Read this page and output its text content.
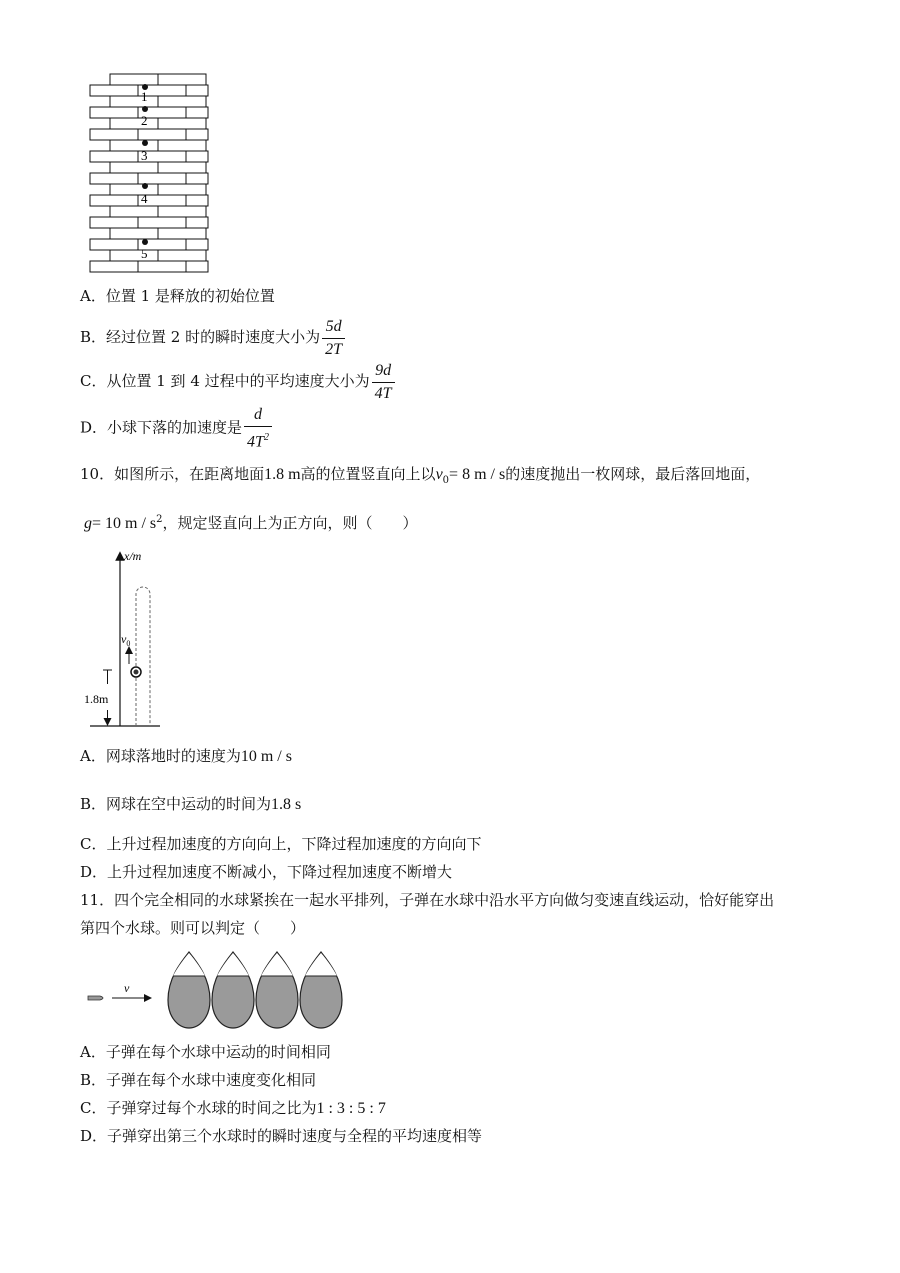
1
2
3
4
5
A．位置 1 是释放的初始位置
B．经过位置 2 时的瞬时速度大小为 $\frac{5d}{2T}$
C．从位置 1 到 4 过程中的平均速度大小为 $\frac{9d}{4T}$
D．小球下落的加速度是 $\frac{d}{4T^2}$
10．如图所示，在距离地面1.8 m高的位置竖直向上以$v_0= 8$ m / s的速度抛出一枚网球，最后落回地面，
g= 10 m / $s^2$，规定竖直向上为正方向，则（　　）
x/m
$v_0$
1.8m
A．网球落地时的速度为10 m / s
B．网球在空中运动的时间为1.8 s
C．上升过程加速度的方向向上，下降过程加速度的方向向下
D．上升过程加速度不断减小，下降过程加速度不断增大
11．四个完全相同的水球紧挨在一起水平排列，子弹在水球中沿水平方向做匀变速直线运动，恰好能穿出
第四个水球。则可以判定（　　）
v
A．子弹在每个水球中运动的时间相同
B．子弹在每个水球中速度变化相同
C．子弹穿过每个水球的时间之比为1 : 3 : 5 : 7
D．子弹穿出第三个水球时的瞬时速度与全程的平均速度相等
